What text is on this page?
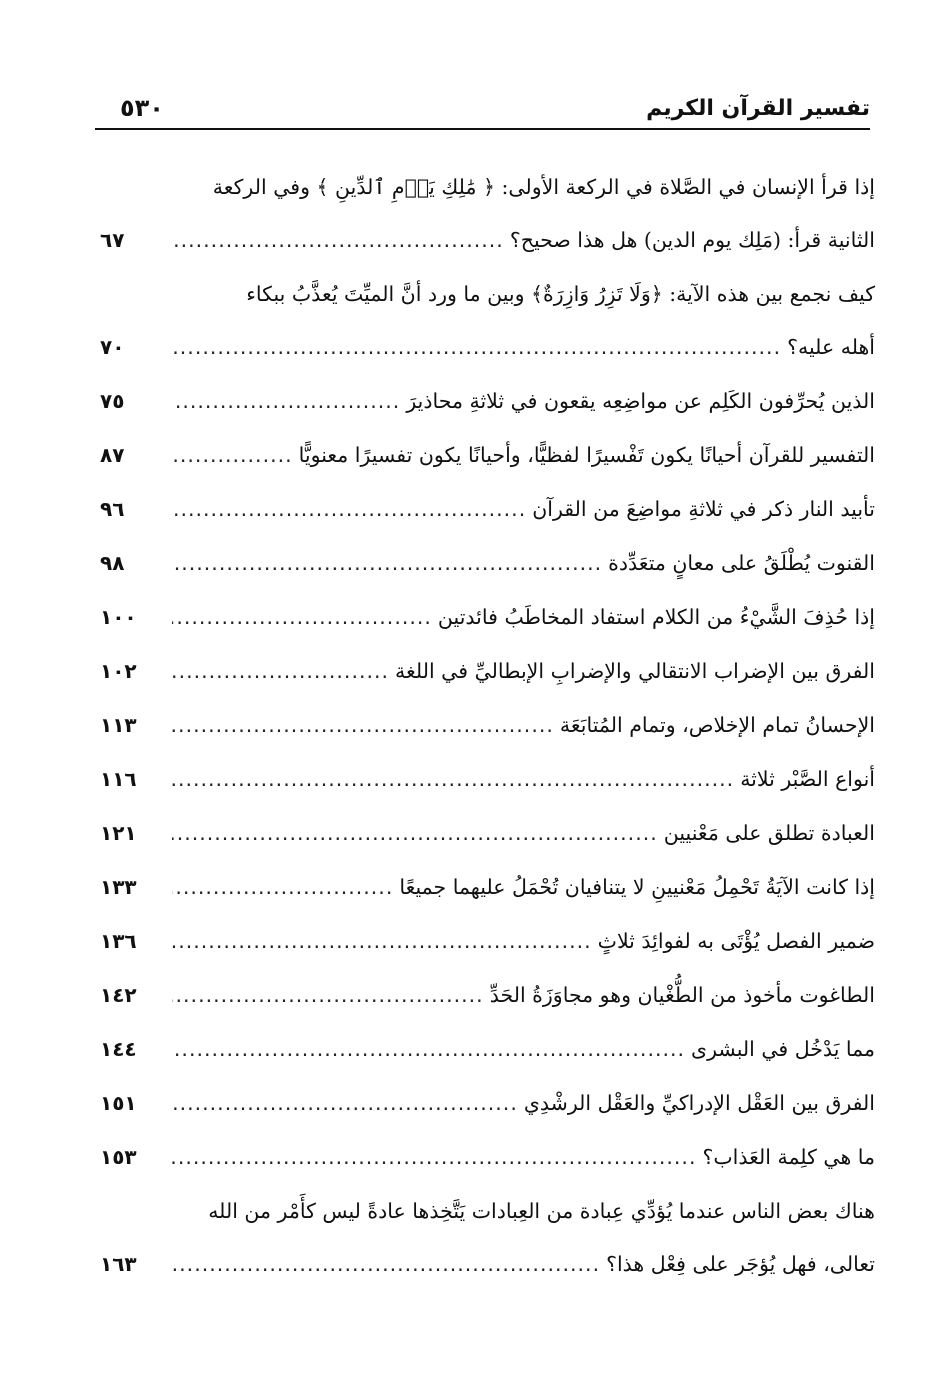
تفسير القرآن الكريم
٥٣٠
إذا قرأ الإنسان في الصَّلاة في الركعة الأولى: ﴿ مَٰلِكِ يَوۡمِ ٱلدِّينِ ﴾ وفي الركعة
الثانية قرأ: (مَلِك يوم الدين) هل هذا صحيح؟
.....
٦٧
كيف نجمع بين هذه الآية: ﴿وَلَا تَزِرُ وَازِرَةٌ﴾ وبين ما ورد أنَّ الميِّتَ يُعذَّبُ ببكاء
أهله عليه؟
.....
٧٠
الذين يُحرِّفون الكَلِم عن مواضِعِه يقعون في ثلاثةِ محاذيرَ
.....
٧٥
التفسير للقرآن أحيانًا يكون تَفْسيرًا لفظيًّا، وأحيانًا يكون تفسيرًا معنويًّا
.....
٨٧
تأبيد النار ذكر في ثلاثةِ مواضِعَ من القرآن
.....
٩٦
القنوت يُطْلَقُ على معانٍ متعَدِّدة
.....
٩٨
إذا حُذِفَ الشَّيْءُ من الكلام استفاد المخاطَبُ فائدتين
.....
١٠٠
الفرق بين الإضراب الانتقالي والإضرابِ الإبطاليِّ في اللغة
.....
١٠٢
الإحسانُ تمام الإخلاص، وتمام المُتابَعَة
.....
١١٣
أنواع الصَّبْر ثلاثة
.....
١١٦
العبادة تطلق على مَعْنيين
.....
١٢١
إذا كانت الآيَةُ تَحْمِلُ مَعْنيينِ لا يتنافيان تُحْمَلُ عليهما جميعًا
.....
١٣٣
ضمير الفصل يُؤْتَى به لفوائِدَ ثلاثٍ
.....
١٣٦
الطاغوت مأخوذ من الطُّغْيان وهو مجاوَزَةُ الحَدِّ
.....
١٤٢
مما يَدْخُل في البشرى
.....
١٤٤
الفرق بين العَقْل الإدراكيِّ والعَقْل الرشْدِي
.....
١٥١
ما هي كلِمة العَذاب؟
.....
١٥٣
هناك بعض الناس عندما يُؤدِّي عِبادة من العِبادات يَتَّخِذها عادةً ليس كأَمْر من الله
تعالى، فهل يُؤجَر على فِعْل هذا؟
.....
١٦٣
